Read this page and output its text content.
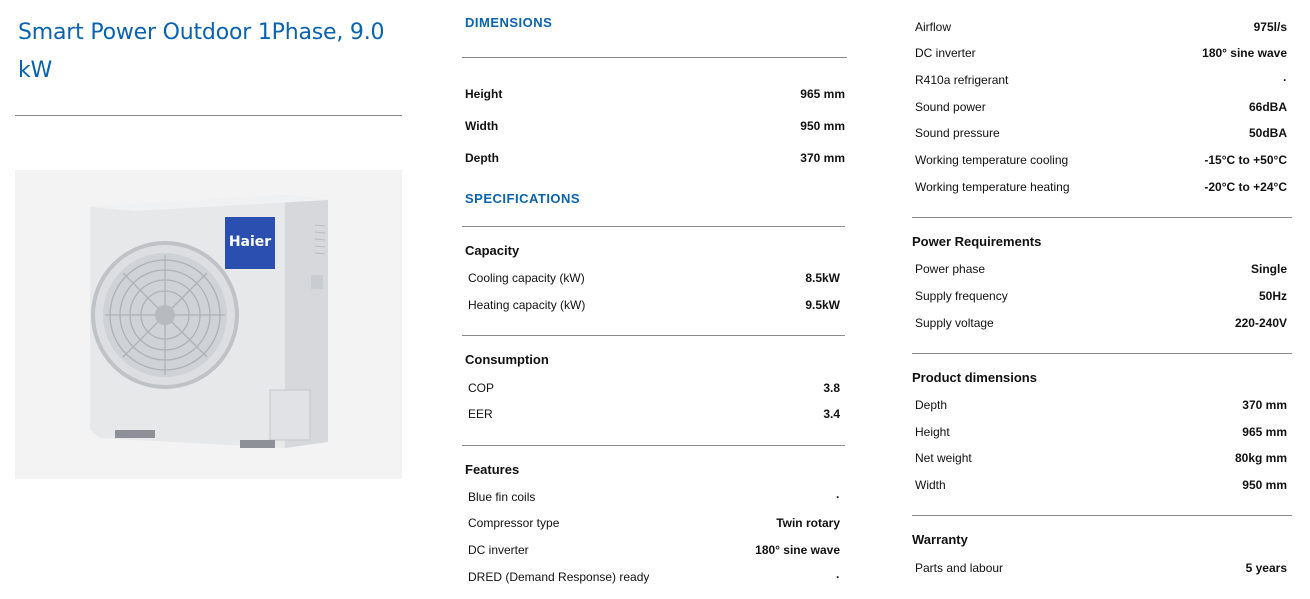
Smart Power Outdoor 1Phase, 9.0 kW
Haier
DIMENSIONS
Height	965 mm
Width	950 mm
Depth	370 mm
SPECIFICATIONS
Capacity
Cooling capacity (kW)	8.5kW
Heating capacity (kW)	9.5kW
Consumption
COP	3.8
EER	3.4
Features
Blue fin coils	·
Compressor type	Twin rotary
DC inverter	180° sine wave
DRED (Demand Response) ready	·
Airflow	975l/s
DC inverter	180° sine wave
R410a refrigerant	·
Sound power	66dBA
Sound pressure	50dBA
Working temperature cooling	-15°C to +50°C
Working temperature heating	-20°C to +24°C
Power Requirements
Power phase	Single
Supply frequency	50Hz
Supply voltage	220-240V
Product dimensions
Depth	370 mm
Height	965 mm
Net weight	80kg mm
Width	950 mm
Warranty
Parts and labour	5 years
